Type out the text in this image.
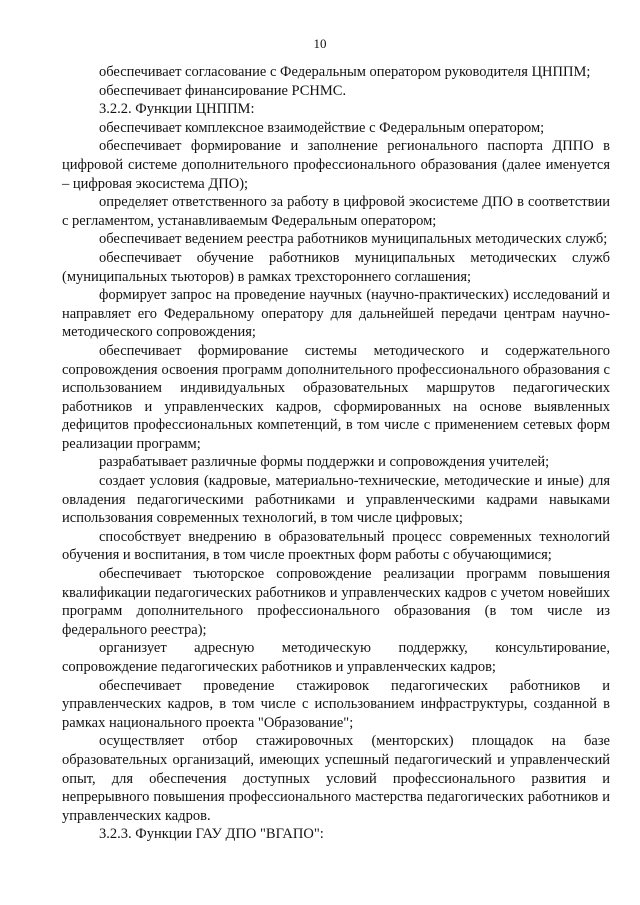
10

обеспечивает согласование с Федеральным оператором руководителя ЦНППМ;

обеспечивает финансирование РСНМС.

3.2.2. Функции ЦНППМ:

обеспечивает комплексное взаимодействие с Федеральным оператором;

обеспечивает формирование и заполнение регионального паспорта ДППО в цифровой системе дополнительного профессионального образования (далее именуется – цифровая экосистема ДПО);

определяет ответственного за работу в цифровой экосистеме ДПО в соответствии с регламентом, устанавливаемым Федеральным оператором;

обеспечивает ведением реестра работников муниципальных методических служб;

обеспечивает обучение работников муниципальных методических служб (муниципальных тьюторов) в рамках трехстороннего соглашения;

формирует запрос на проведение научных (научно-практических) исследований и направляет его Федеральному оператору для дальнейшей передачи центрам научно-методического сопровождения;

обеспечивает формирование системы методического и содержательного сопровождения освоения программ дополнительного профессионального образования с использованием индивидуальных образовательных маршрутов педагогических работников и управленческих кадров, сформированных на основе выявленных дефицитов профессиональных компетенций, в том числе с применением сетевых форм реализации программ;

разрабатывает различные формы поддержки и сопровождения учителей;

создает условия (кадровые, материально-технические, методические и иные) для овладения педагогическими работниками и управленческими кадрами навыками использования современных технологий, в том числе цифровых;

способствует внедрению в образовательный процесс современных технологий обучения и воспитания, в том числе проектных форм работы с обучающимися;

обеспечивает тьюторское сопровождение реализации программ повышения квалификации педагогических работников и управленческих кадров с учетом новейших программ дополнительного профессионального образования (в том числе из федерального реестра);

организует адресную методическую поддержку, консультирование, сопровождение педагогических работников и управленческих кадров;

обеспечивает проведение стажировок педагогических работников и управленческих кадров, в том числе с использованием инфраструктуры, созданной в рамках национального проекта "Образование";

осуществляет отбор стажировочных (менторских) площадок на базе образовательных организаций, имеющих успешный педагогический и управленческий опыт, для обеспечения доступных условий профессионального развития и непрерывного повышения профессионального мастерства педагогических работников и управленческих кадров.

3.2.3. Функции ГАУ ДПО "ВГАПО":
